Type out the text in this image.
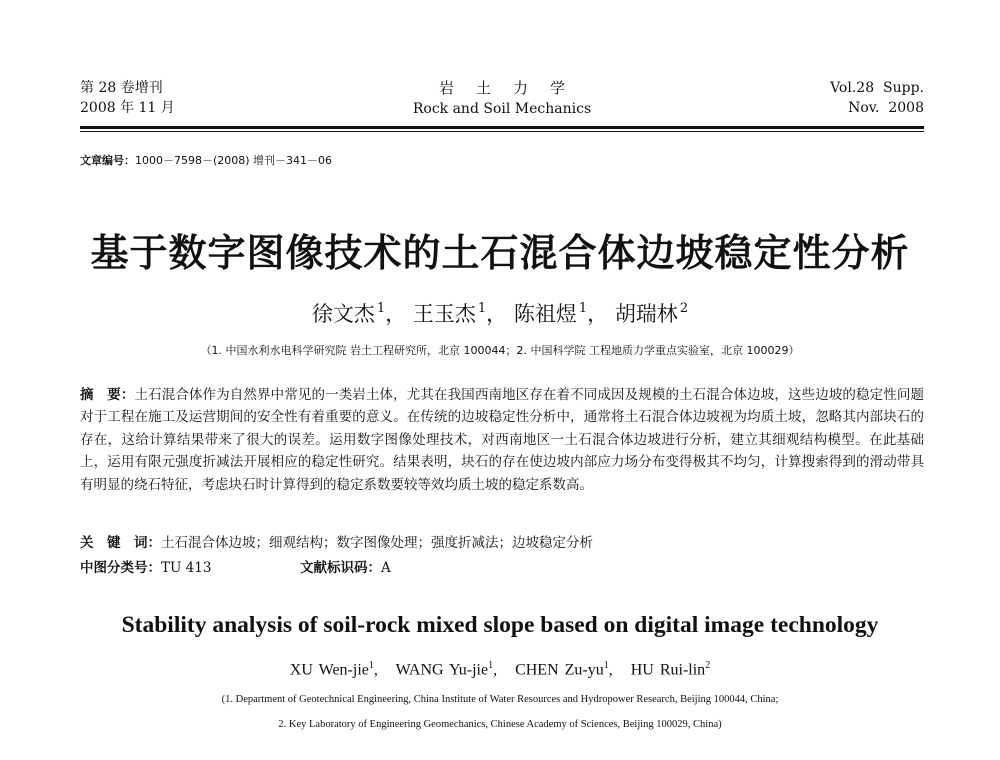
第 28 卷增刊
2008 年 11 月
岩土力学
Rock and Soil Mechanics
Vol.28  Supp.
Nov.  2008
文章编号：1000－7598－(2008) 增刊－341－06
基于数字图像技术的土石混合体边坡稳定性分析
徐文杰 $^1$， 王玉杰 $^1$， 陈祖煜 $^1$， 胡瑞林 $^2$
（1. 中国水利水电科学研究院 岩土工程研究所，北京 100044；2. 中国科学院 工程地质力学重点实验室，北京 100029）
摘　要：土石混合体作为自然界中常见的一类岩土体，尤其在我国西南地区存在着不同成因及规模的土石混合体边坡，这些边坡的稳定性问题对于工程在施工及运营期间的安全性有着重要的意义。在传统的边坡稳定性分析中，通常将土石混合体边坡视为均质土坡，忽略其内部块石的存在，这给计算结果带来了很大的误差。运用数字图像处理技术，对西南地区一土石混合体边坡进行分析，建立其细观结构模型。在此基础上，运用有限元强度折减法开展相应的稳定性研究。结果表明，块石的存在使边坡内部应力场分布变得极其不均匀，计算搜索得到的滑动带具有明显的绕石特征，考虑块石时计算得到的稳定系数要较等效均质土坡的稳定系数高。
关　键　词：土石混合体边坡；细观结构；数字图像处理；强度折减法；边坡稳定分析
中图分类号：TU 413	文献标识码：A
Stability analysis of soil-rock mixed slope based on digital image technology
XU Wen-jie$^1$,   WANG Yu-jie$^1$,   CHEN $Zu-yu^1$,   HU Rui-lin$^2$
(1. Department of Geotechnical Engineering, China Institute of Water Resources and Hydropower Research, Beijing 100044, China;
2. Key Laboratory of Engineering Geomechanics, Chinese Academy of Sciences, Beijing 100029, China)
